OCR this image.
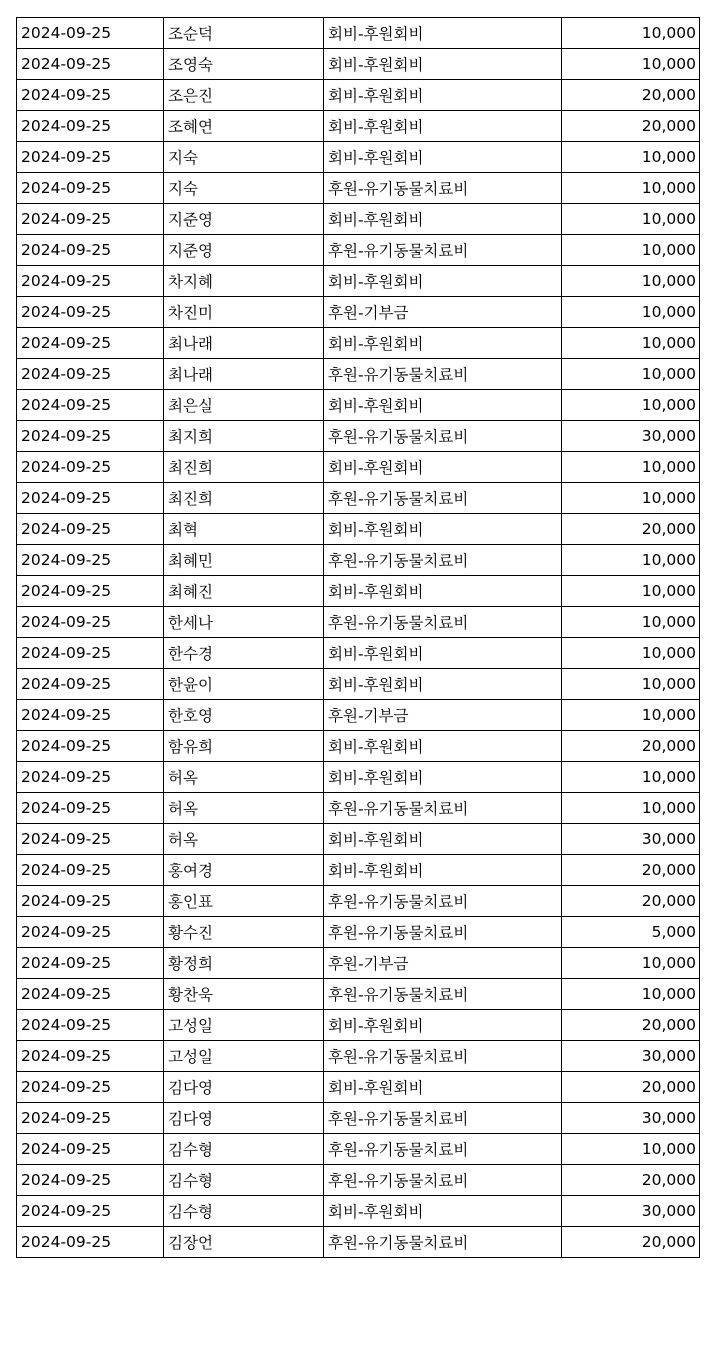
2024-09-25	조순덕	회비-후원회비	10,000
2024-09-25	조영숙	회비-후원회비	10,000
2024-09-25	조은진	회비-후원회비	20,000
2024-09-25	조혜연	회비-후원회비	20,000
2024-09-25	지숙	회비-후원회비	10,000
2024-09-25	지숙	후원-유기동물치료비	10,000
2024-09-25	지준영	회비-후원회비	10,000
2024-09-25	지준영	후원-유기동물치료비	10,000
2024-09-25	차지혜	회비-후원회비	10,000
2024-09-25	차진미	후원-기부금	10,000
2024-09-25	최나래	회비-후원회비	10,000
2024-09-25	최나래	후원-유기동물치료비	10,000
2024-09-25	최은실	회비-후원회비	10,000
2024-09-25	최지희	후원-유기동물치료비	30,000
2024-09-25	최진희	회비-후원회비	10,000
2024-09-25	최진희	후원-유기동물치료비	10,000
2024-09-25	최혁	회비-후원회비	20,000
2024-09-25	최혜민	후원-유기동물치료비	10,000
2024-09-25	최혜진	회비-후원회비	10,000
2024-09-25	한세나	후원-유기동물치료비	10,000
2024-09-25	한수경	회비-후원회비	10,000
2024-09-25	한윤이	회비-후원회비	10,000
2024-09-25	한호영	후원-기부금	10,000
2024-09-25	함유희	회비-후원회비	20,000
2024-09-25	허옥	회비-후원회비	10,000
2024-09-25	허옥	후원-유기동물치료비	10,000
2024-09-25	허옥	회비-후원회비	30,000
2024-09-25	홍여경	회비-후원회비	20,000
2024-09-25	홍인표	후원-유기동물치료비	20,000
2024-09-25	황수진	후원-유기동물치료비	5,000
2024-09-25	황정희	후원-기부금	10,000
2024-09-25	황찬욱	후원-유기동물치료비	10,000
2024-09-25	고성일	회비-후원회비	20,000
2024-09-25	고성일	후원-유기동물치료비	30,000
2024-09-25	김다영	회비-후원회비	20,000
2024-09-25	김다영	후원-유기동물치료비	30,000
2024-09-25	김수형	후원-유기동물치료비	10,000
2024-09-25	김수형	후원-유기동물치료비	20,000
2024-09-25	김수형	회비-후원회비	30,000
2024-09-25	김장언	후원-유기동물치료비	20,000
